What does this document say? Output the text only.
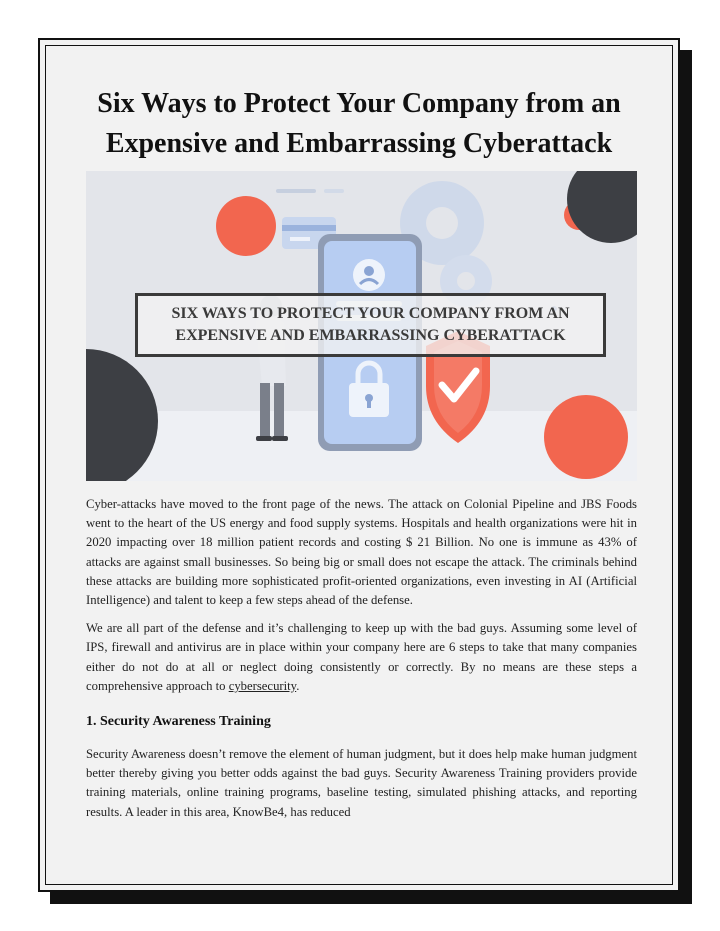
Six Ways to Protect Your Company from an
Expensive and Embarrassing Cyberattack
SIX WAYS TO PROTECT YOUR COMPANY FROM AN
EXPENSIVE AND EMBARRASSING CYBERATTACK

Cyber-attacks have moved to the front page of the news. The attack on Colonial Pipeline and JBS Foods went to the heart of the US energy and food supply systems. Hospitals and health organizations were hit in 2020 impacting over 18 million patient records and costing $ 21 Billion. No one is immune as 43% of attacks are against small businesses. So being big or small does not escape the attack. The criminals behind these attacks are building more sophisticated profit-oriented organizations, even investing in AI (Artificial Intelligence) and talent to keep a few steps ahead of the defense.

We are all part of the defense and it’s challenging to keep up with the bad guys. Assuming some level of IPS, firewall and antivirus are in place within your company here are 6 steps to take that many companies either do not do at all or neglect doing consistently or correctly. By no means are these steps a comprehensive approach to cybersecurity.

1. Security Awareness Training

Security Awareness doesn’t remove the element of human judgment, but it does help make human judgment better thereby giving you better odds against the bad guys. Security Awareness Training providers provide training materials, online training programs, baseline testing, simulated phishing attacks, and reporting results. A leader in this area, KnowBe4, has reduced
